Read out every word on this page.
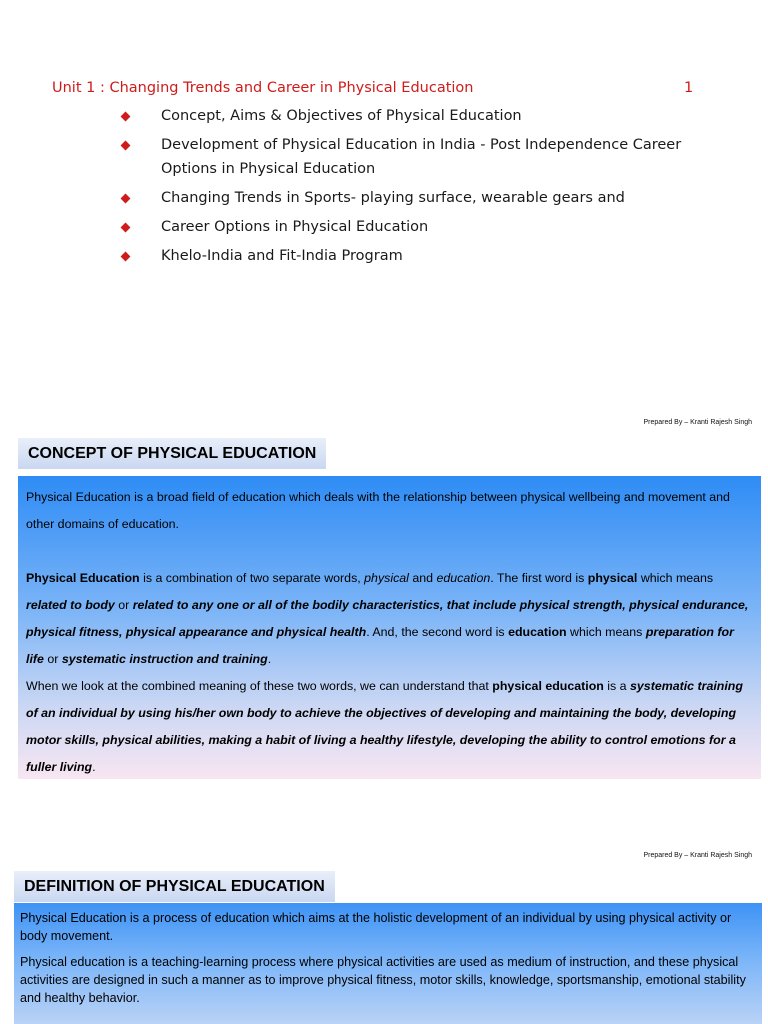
Unit 1 : Changing Trends and Career in Physical Education	1
Concept, Aims & Objectives of Physical Education
Development of Physical Education in India - Post Independence Career Options in Physical Education
Changing Trends in Sports- playing surface, wearable gears and
Career Options in Physical Education
Khelo-India and Fit-India Program
Prepared By – Kranti Rajesh Singh
CONCEPT OF PHYSICAL EDUCATION

Physical Education is a broad field of education which deals with the relationship between physical wellbeing and movement and other domains of education.

Physical Education is a combination of two separate words, physical and education. The first word is physical which means related to body or related to any one or all of the bodily characteristics, that include physical strength, physical endurance, physical fitness, physical appearance and physical health. And, the second word is education which means preparation for life or systematic instruction and training.

When we look at the combined meaning of these two words, we can understand that physical education is a systematic training of an individual by using his/her own body to achieve the objectives of developing and maintaining the body, developing motor skills, physical abilities, making a habit of living a healthy lifestyle, developing the ability to control emotions for a fuller living.

Prepared By – Kranti Rajesh Singh
DEFINITION OF PHYSICAL EDUCATION

Physical Education is a process of education which aims at the holistic development of an individual by using physical activity or body movement.

Physical education is a teaching-learning process where physical activities are used as medium of instruction, and these physical activities are designed in such a manner as to improve physical fitness, motor skills, knowledge, sportsmanship, emotional stability and healthy behavior.
